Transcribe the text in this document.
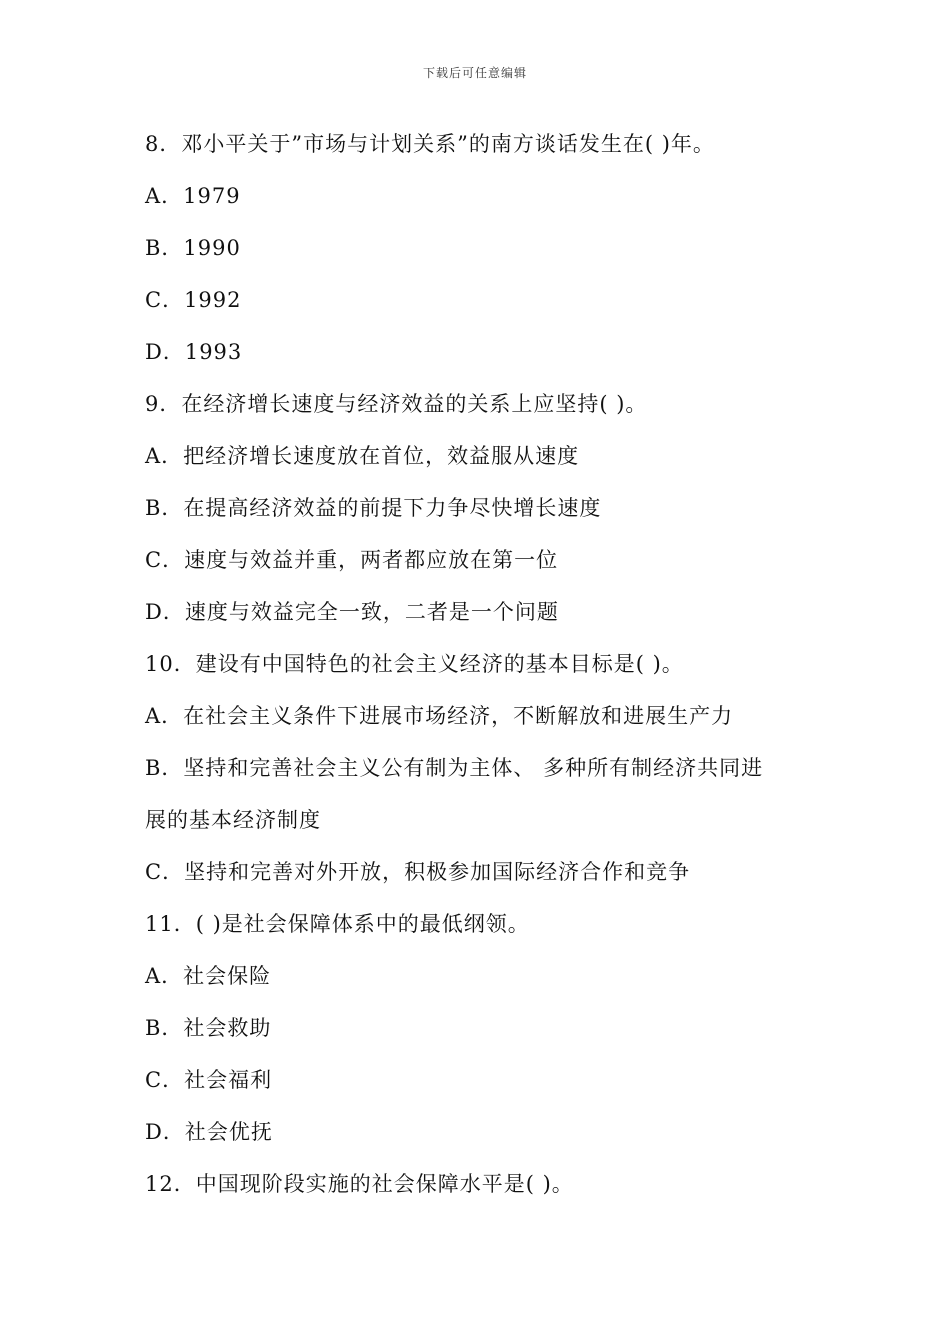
下载后可任意编辑
8．邓小平关于”市场与计划关系”的南方谈话发生在( )年。
A．1979
B．1990
C．1992
D．1993
9．在经济增长速度与经济效益的关系上应坚持( )。
A．把经济增长速度放在首位，效益服从速度
B．在提高经济效益的前提下力争尽快增长速度
C．速度与效益并重，两者都应放在第一位
D．速度与效益完全一致，二者是一个问题
10．建设有中国特色的社会主义经济的基本目标是( )。
A．在社会主义条件下进展市场经济，不断解放和进展生产力
B．坚持和完善社会主义公有制为主体、 多种所有制经济共同进
展的基本经济制度
C．坚持和完善对外开放，积极参加国际经济合作和竞争
11．( )是社会保障体系中的最低纲领。
A．社会保险
B．社会救助
C．社会福利
D．社会优抚
12．中国现阶段实施的社会保障水平是( )。
